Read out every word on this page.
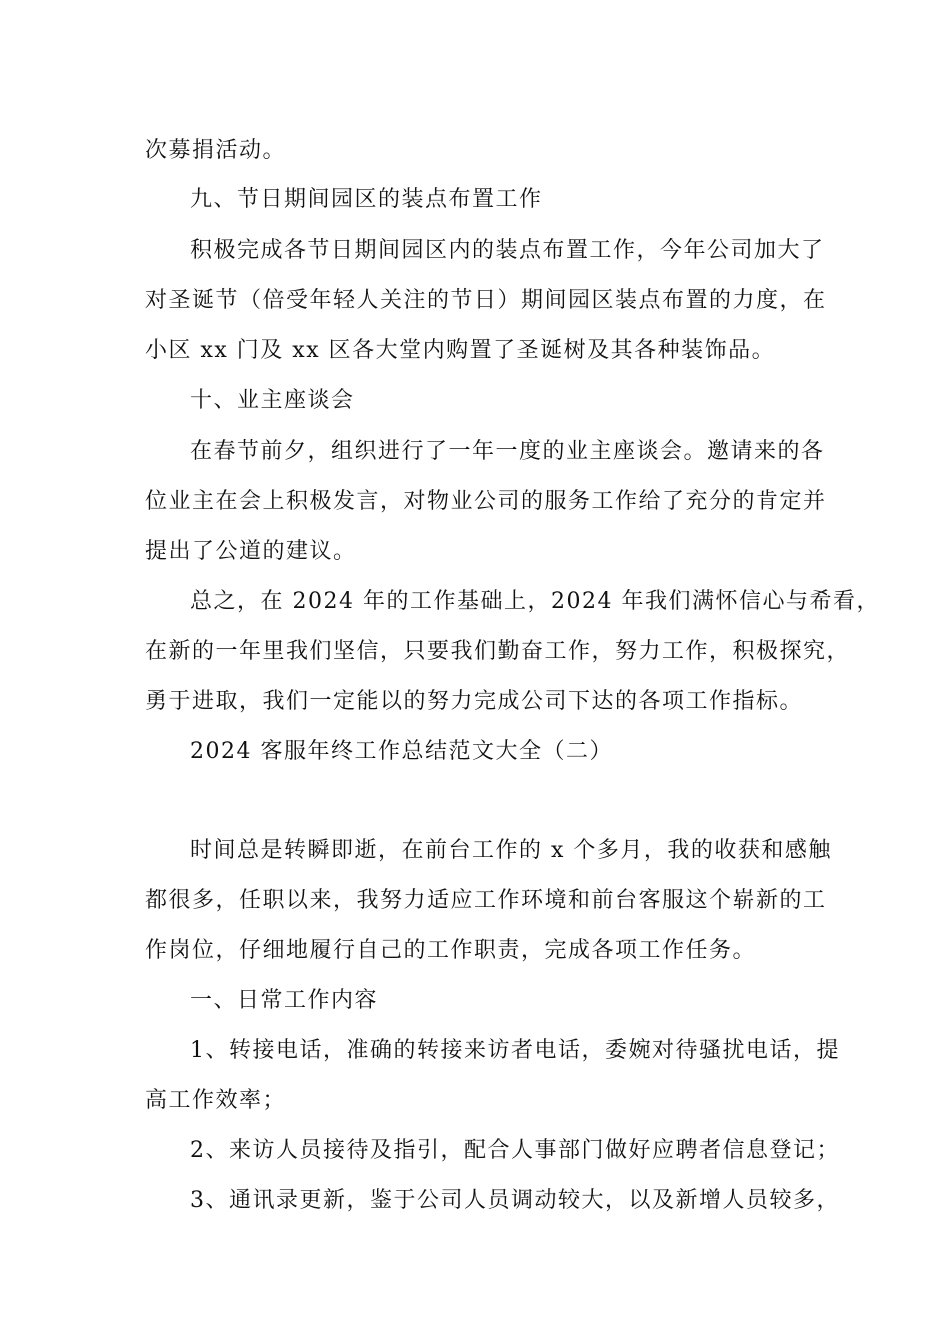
次募捐活动。
九、节日期间园区的装点布置工作
积极完成各节日期间园区内的装点布置工作，今年公司加大了
对圣诞节（倍受年轻人关注的节日）期间园区装点布置的力度，在
小区 xx 门及 xx 区各大堂内购置了圣诞树及其各种装饰品。
十、业主座谈会
在春节前夕，组织进行了一年一度的业主座谈会。邀请来的各
位业主在会上积极发言，对物业公司的服务工作给了充分的肯定并
提出了公道的建议。
总之，在 2024 年的工作基础上，2024 年我们满怀信心与希看，
在新的一年里我们坚信，只要我们勤奋工作，努力工作，积极探究，
勇于进取，我们一定能以的努力完成公司下达的各项工作指标。
2024 客服年终工作总结范文大全（二）
时间总是转瞬即逝，在前台工作的 x 个多月，我的收获和感触
都很多，任职以来，我努力适应工作环境和前台客服这个崭新的工
作岗位，仔细地履行自己的工作职责，完成各项工作任务。
一、日常工作内容
1、转接电话，准确的转接来访者电话，委婉对待骚扰电话，提
高工作效率；
2、来访人员接待及指引，配合人事部门做好应聘者信息登记；
3、通讯录更新，鉴于公司人员调动较大，以及新增人员较多，
